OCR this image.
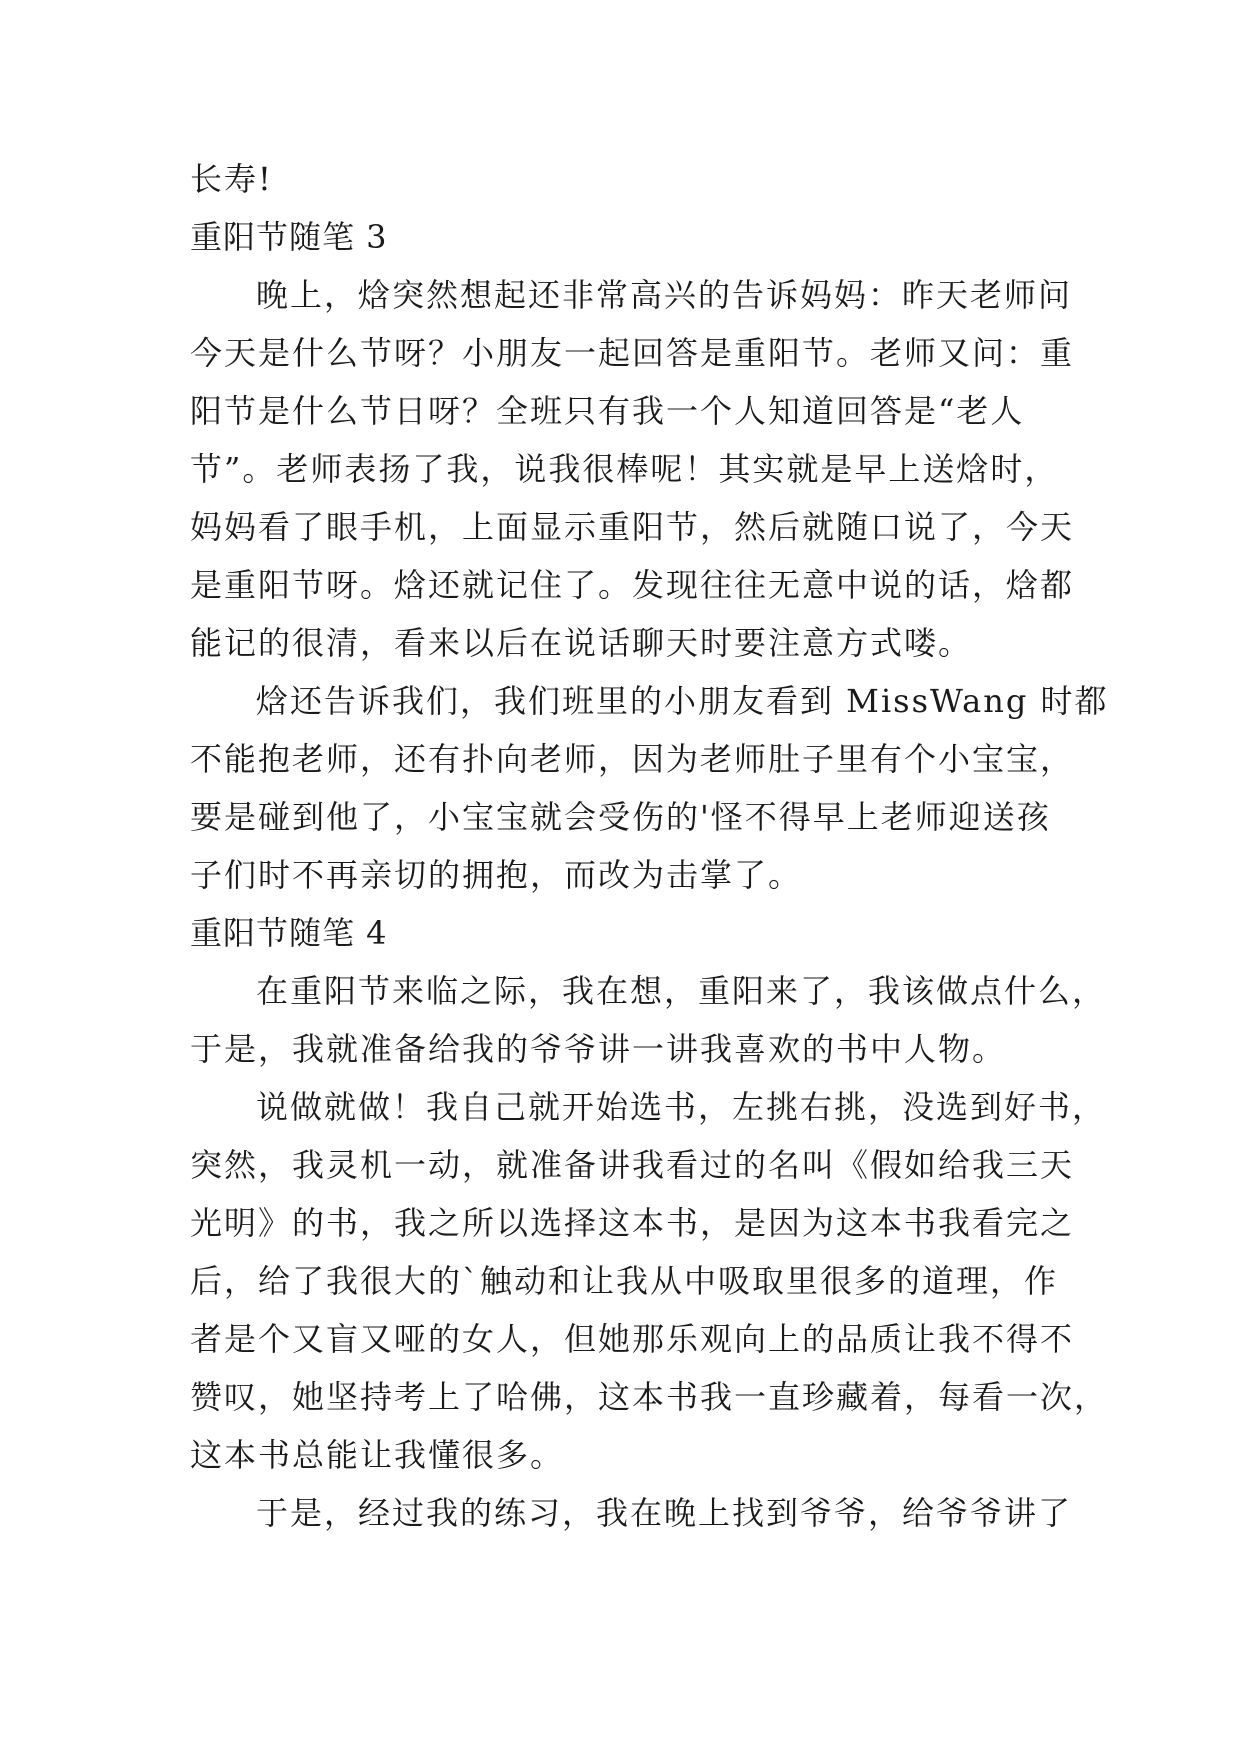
长寿!
重阳节随笔 3
晚上，焓突然想起还非常高兴的告诉妈妈：昨天老师问
今天是什么节呀？小朋友一起回答是重阳节。老师又问：重
阳节是什么节日呀？全班只有我一个人知道回答是“老人
节”。老师表扬了我，说我很棒呢！其实就是早上送焓时，
妈妈看了眼手机，上面显示重阳节，然后就随口说了，今天
是重阳节呀。焓还就记住了。发现往往无意中说的话，焓都
能记的很清，看来以后在说话聊天时要注意方式喽。
焓还告诉我们，我们班里的小朋友看到 MissWang 时都
不能抱老师，还有扑向老师，因为老师肚子里有个小宝宝，
要是碰到他了，小宝宝就会受伤的'怪不得早上老师迎送孩
子们时不再亲切的拥抱，而改为击掌了。
重阳节随笔 4
在重阳节来临之际，我在想，重阳来了，我该做点什么，
于是，我就准备给我的爷爷讲一讲我喜欢的书中人物。
说做就做！我自己就开始选书，左挑右挑，没选到好书，
突然，我灵机一动，就准备讲我看过的名叫《假如给我三天
光明》的书，我之所以选择这本书，是因为这本书我看完之
后，给了我很大的`触动和让我从中吸取里很多的道理，作
者是个又盲又哑的女人，但她那乐观向上的品质让我不得不
赞叹，她坚持考上了哈佛，这本书我一直珍藏着，每看一次，
这本书总能让我懂很多。
于是，经过我的练习，我在晚上找到爷爷，给爷爷讲了
